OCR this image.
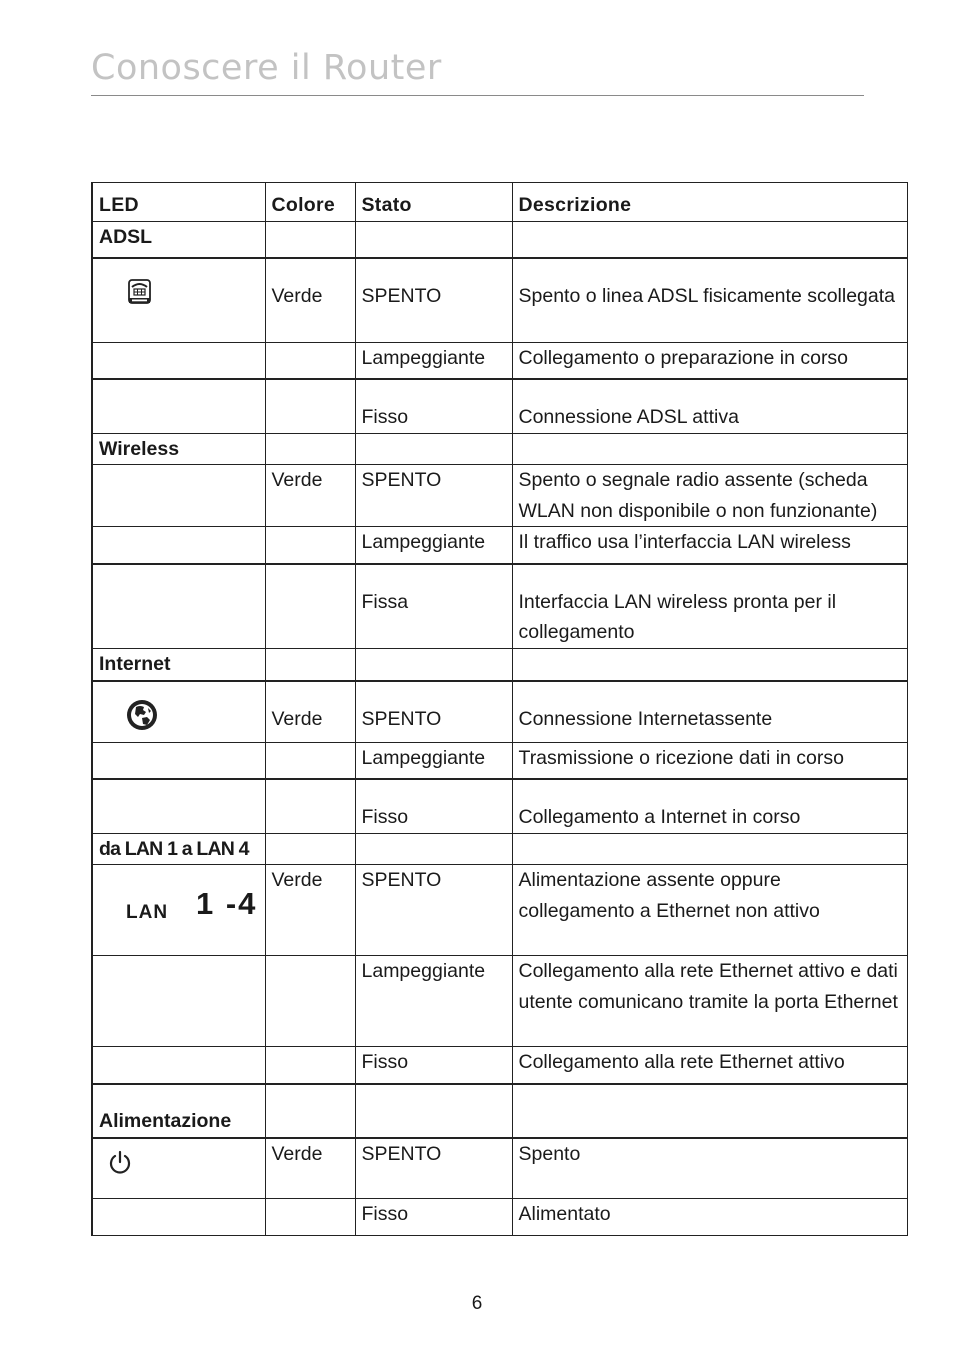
Conoscere il Router
LED	Colore	Stato	Descrizione
ADSL			

	Verde	SPENTO	Spento o linea ADSL fisicamente scollegata
		Lampeggiante	Collegamento o preparazione in corso
		Fisso	Connessione ADSL attiva
Wireless			
	Verde	SPENTO	Spento o segnale radio assente (scheda WLAN non disponibile o non funzionante)
		Lampeggiante	Il traffico usa l’interfaccia LAN wireless
		Fissa	Interfaccia LAN wireless pronta per il collegamento
Internet			

	Verde	SPENTO	Connessione Internetassente
		Lampeggiante	Trasmissione o ricezione dati in corso
		Fisso	Collegamento a Internet in corso
da LAN 1 a LAN 4			

LAN 1 -4	Verde	SPENTO	Alimentazione assente oppure collegamento a Ethernet non attivo
		Lampeggiante	Collegamento alla rete Ethernet attivo e dati utente comunicano tramite la porta Ethernet
		Fisso	Collegamento alla rete Ethernet attivo
Alimentazione			

	Verde	SPENTO	Spento
		Fisso	Alimentato
6
